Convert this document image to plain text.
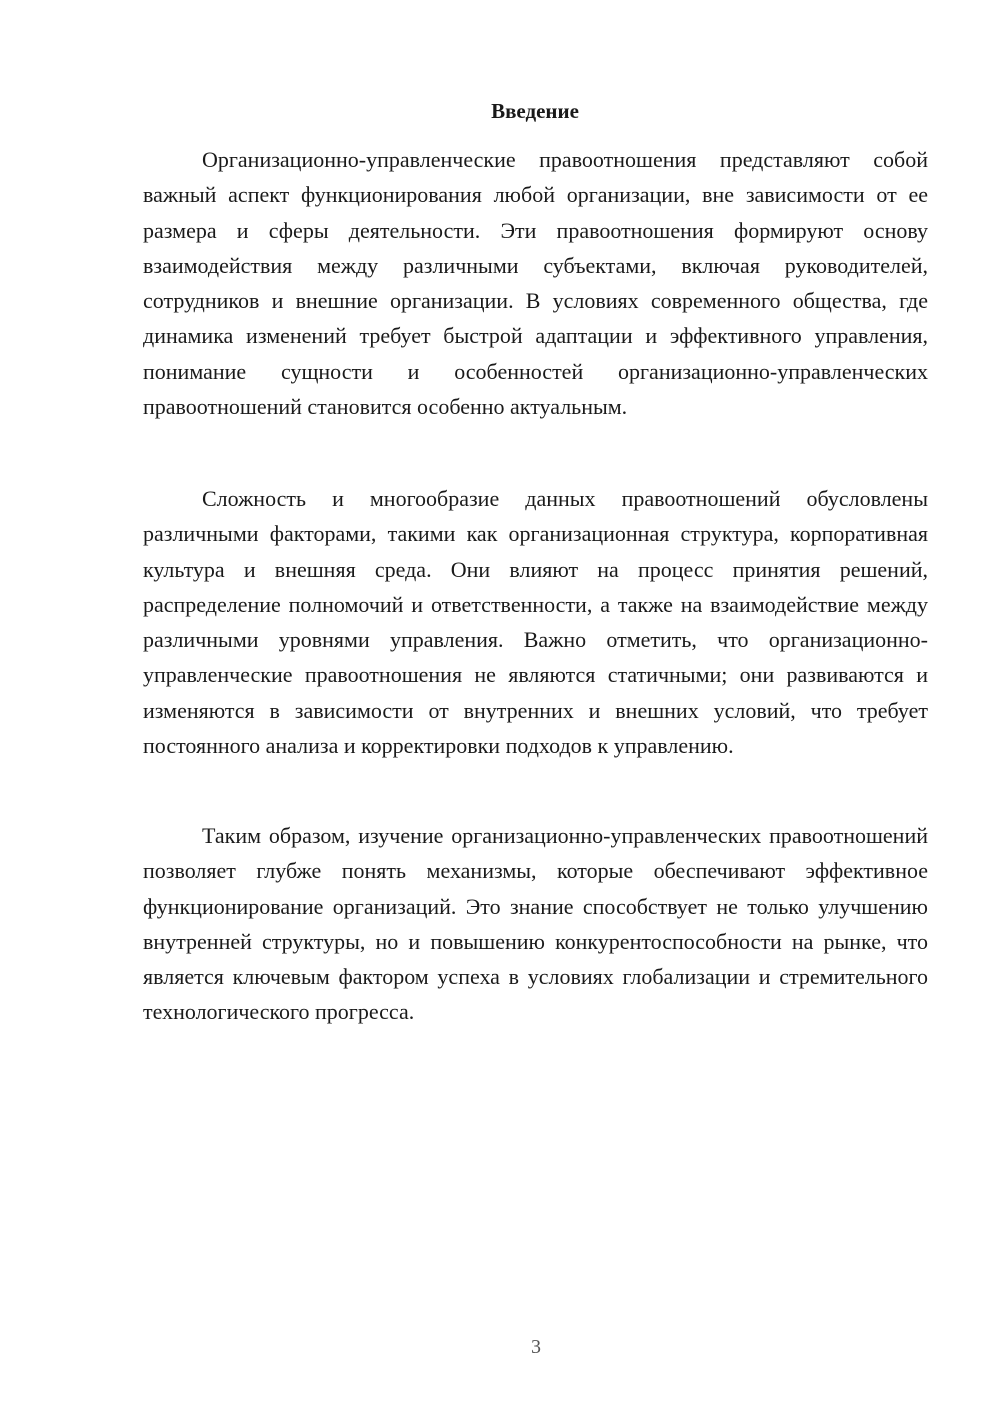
Введение

Организационно-управленческие правоотношения представляют собой важный аспект функционирования любой организации, вне зависимости от ее размера и сферы деятельности. Эти правоотношения формируют основу взаимодействия между различными субъектами, включая руководителей, сотрудников и внешние организации. В условиях современного общества, где динамика изменений требует быстрой адаптации и эффективного управления, понимание сущности и особенностей организационно-управленческих правоотношений становится особенно актуальным.

Сложность и многообразие данных правоотношений обусловлены различными факторами, такими как организационная структура, корпоративная культура и внешняя среда. Они влияют на процесс принятия решений, распределение полномочий и ответственности, а также на взаимодействие между различными уровнями управления. Важно отметить, что организационно-управленческие правоотношения не являются статичными; они развиваются и изменяются в зависимости от внутренних и внешних условий, что требует постоянного анализа и корректировки подходов к управлению.

Таким образом, изучение организационно-управленческих правоотношений позволяет глубже понять механизмы, которые обеспечивают эффективное функционирование организаций. Это знание способствует не только улучшению внутренней структуры, но и повышению конкурентоспособности на рынке, что является ключевым фактором успеха в условиях глобализации и стремительного технологического прогресса.

3
